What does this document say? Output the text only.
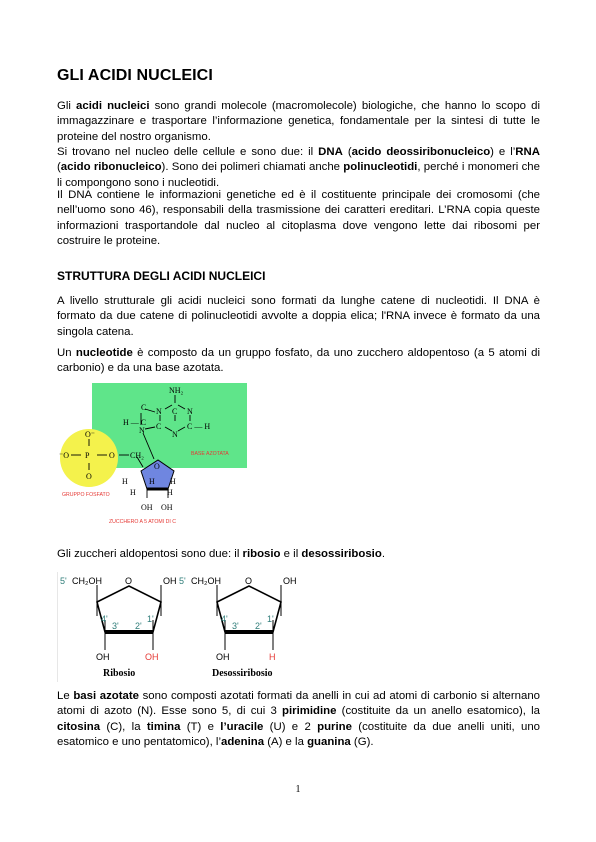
GLI ACIDI NUCLEICI

Gli acidi nucleici sono grandi molecole (macromolecole) biologiche, che hanno lo scopo di immagazzinare e trasportare l’informazione genetica, fondamentale per la sintesi di tutte le proteine del nostro organismo.

Si trovano nel nucleo delle cellule e sono due: il DNA (acido deossiribonucleico) e l’RNA (acido ribonucleico). Sono dei polimeri chiamati anche polinucleotidi, perché i monomeri che li compongono sono i nucleotidi.

Il DNA contiene le informazioni genetiche ed è il costituente principale dei cromosomi (che nell’uomo sono 46), responsabili della trasmissione dei caratteri ereditari. L’RNA copia queste informazioni trasportandole dal nucleo al citoplasma dove vengono lette dai ribosomi per costruire le proteine.

STRUTTURA DEGLI ACIDI NUCLEICI

A livello strutturale gli acidi nucleici sono formati da lunghe catene di nucleotidi. Il DNA è formato da due catene di polinucleotidi avvolte a doppia elica; l'RNA invece è formato da una singola catena.

Un nucleotide è composto da un gruppo fosfato, da uno zucchero aldopentoso (a 5 atomi di carbonio) e da una base azotata.

NH₂
N C N
C
H — C C
N
C — H
N
O⁻
⁻O P O
O
CH₂
O
H	H
H
H	H
OH OH
BASE AZOTATA
GRUPPO FOSFATO
ZUCCHERO A 5 ATOMI DI C

Gli zuccheri aldopentosi sono due: il ribosio e il desossiribosio.

5' CH₂OH	O	OH
4'	1'
3' 2'
OH	OH
5' CH₂OH	O	OH
4'	1'
3' 2'
OH	H
Ribosio	Desossiribosio

Le basi azotate sono composti azotati formati da anelli in cui ad atomi di carbonio si alternano atomi di azoto (N). Esse sono 5, di cui 3 pirimidine (costituite da un anello esatomico), la citosina (C), la timina (T) e l’uracile (U) e 2 purine (costituite da due anelli uniti, uno esatomico e uno pentatomico), l’adenina (A) e la guanina (G).

1
